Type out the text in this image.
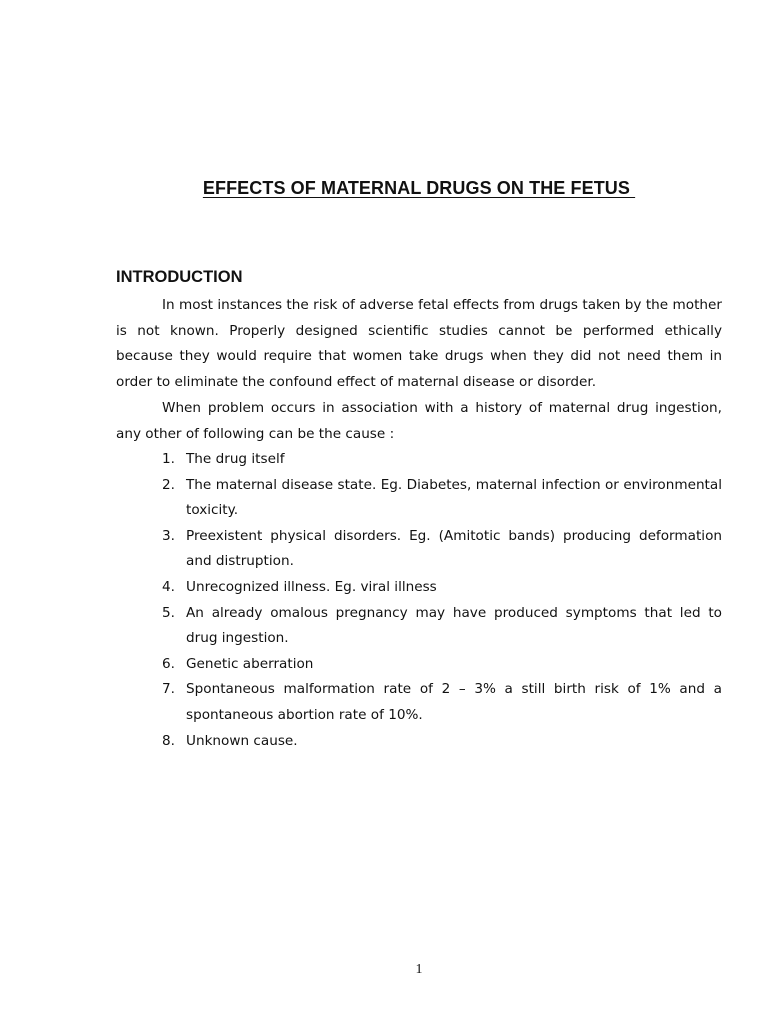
EFFECTS OF MATERNAL DRUGS ON THE FETUS
INTRODUCTION

In most instances the risk of adverse fetal effects from drugs taken by the mother is not known. Properly designed scientific studies cannot be performed ethically because they would require that women take drugs when they did not need them in order to eliminate the confound effect of maternal disease or disorder.

When problem occurs in association with a history of maternal drug ingestion, any other of following can be the cause :

1. The drug itself
2. The maternal disease state. Eg. Diabetes, maternal infection or environmental toxicity.
3. Preexistent physical disorders. Eg. (Amitotic bands) producing deformation and distruption.
4. Unrecognized illness. Eg. viral illness
5. An already omalous pregnancy may have produced symptoms that led to drug ingestion.
6. Genetic aberration
7. Spontaneous malformation rate of 2 – 3% a still birth risk of 1% and a spontaneous abortion rate of 10%.
8. Unknown cause.

1
